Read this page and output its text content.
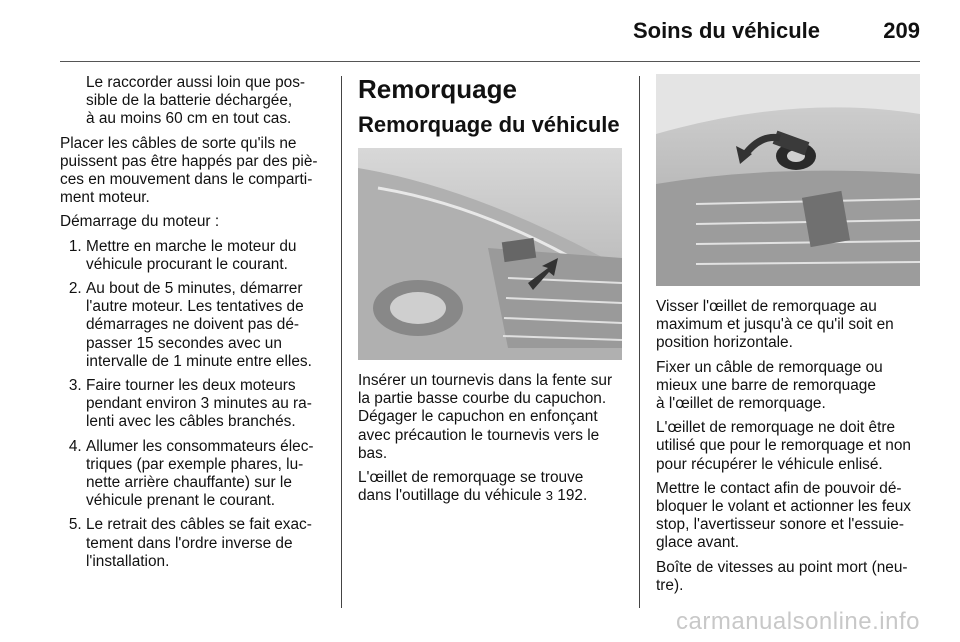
Soins du véhicule	209

Le raccorder aussi loin que pos-
sible de la batterie déchargée,
à au moins 60 cm en tout cas.

Placer les câbles de sorte qu'ils ne
puissent pas être happés par des piè-
ces en mouvement dans le comparti-
ment moteur.

Démarrage du moteur :

1. Mettre en marche le moteur du
véhicule procurant le courant.
2. Au bout de 5 minutes, démarrer
l'autre moteur. Les tentatives de
démarrages ne doivent pas dé-
passer 15 secondes avec un
intervalle de 1 minute entre elles.
3. Faire tourner les deux moteurs
pendant environ 3 minutes au ra-
lenti avec les câbles branchés.
4. Allumer les consommateurs élec-
triques (par exemple phares, lu-
nette arrière chauffante) sur le
véhicule prenant le courant.
5. Le retrait des câbles se fait exac-
tement dans l'ordre inverse de
l'installation.
Remorquage
Remorquage du véhicule

Insérer un tournevis dans la fente sur
la partie basse courbe du capuchon.
Dégager le capuchon en enfonçant
avec précaution le tournevis vers le
bas.

L'œillet de remorquage se trouve
dans l'outillage du véhicule 3 192.

Visser l'œillet de remorquage au
maximum et jusqu'à ce qu'il soit en
position horizontale.

Fixer un câble de remorquage ou
mieux une barre de remorquage
à l'œillet de remorquage.

L'œillet de remorquage ne doit être
utilisé que pour le remorquage et non
pour récupérer le véhicule enlisé.

Mettre le contact afin de pouvoir dé-
bloquer le volant et actionner les feux
stop, l'avertisseur sonore et l'essuie-
glace avant.

Boîte de vitesses au point mort (neu-
tre).

carmanualsonline.info
